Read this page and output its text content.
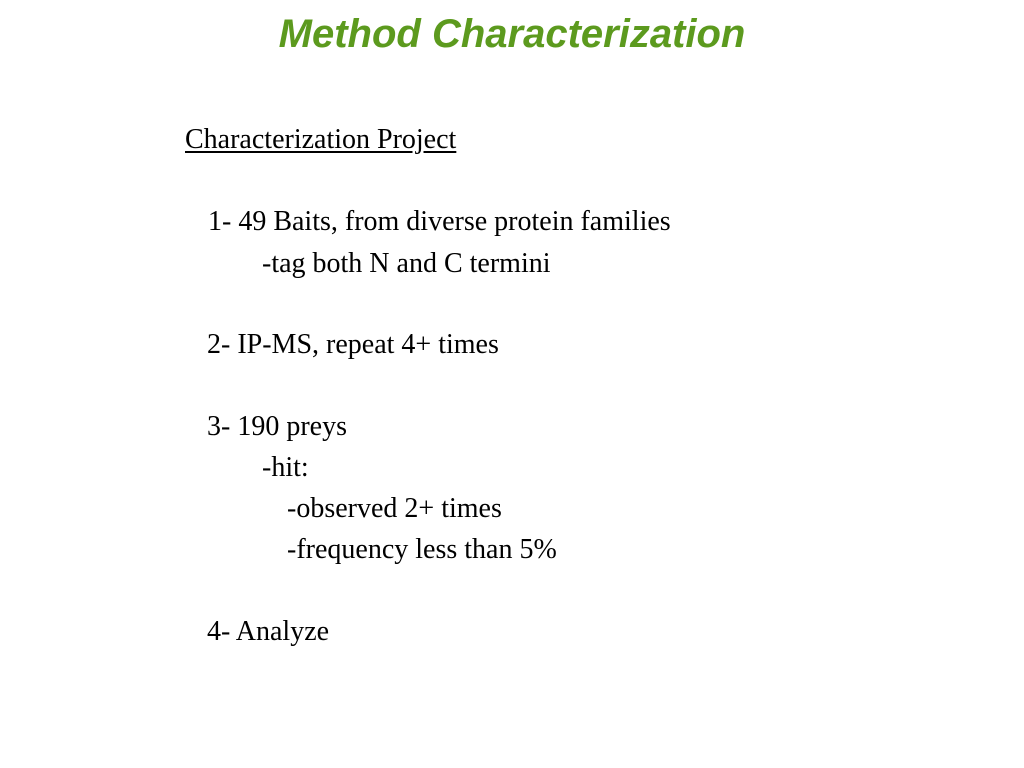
Method Characterization
Characterization Project
1- 49 Baits, from diverse protein families
-tag both N and C termini
2- IP-MS, repeat 4+ times
3- 190 preys
-hit:
-observed 2+ times
-frequency less than 5%
4- Analyze
